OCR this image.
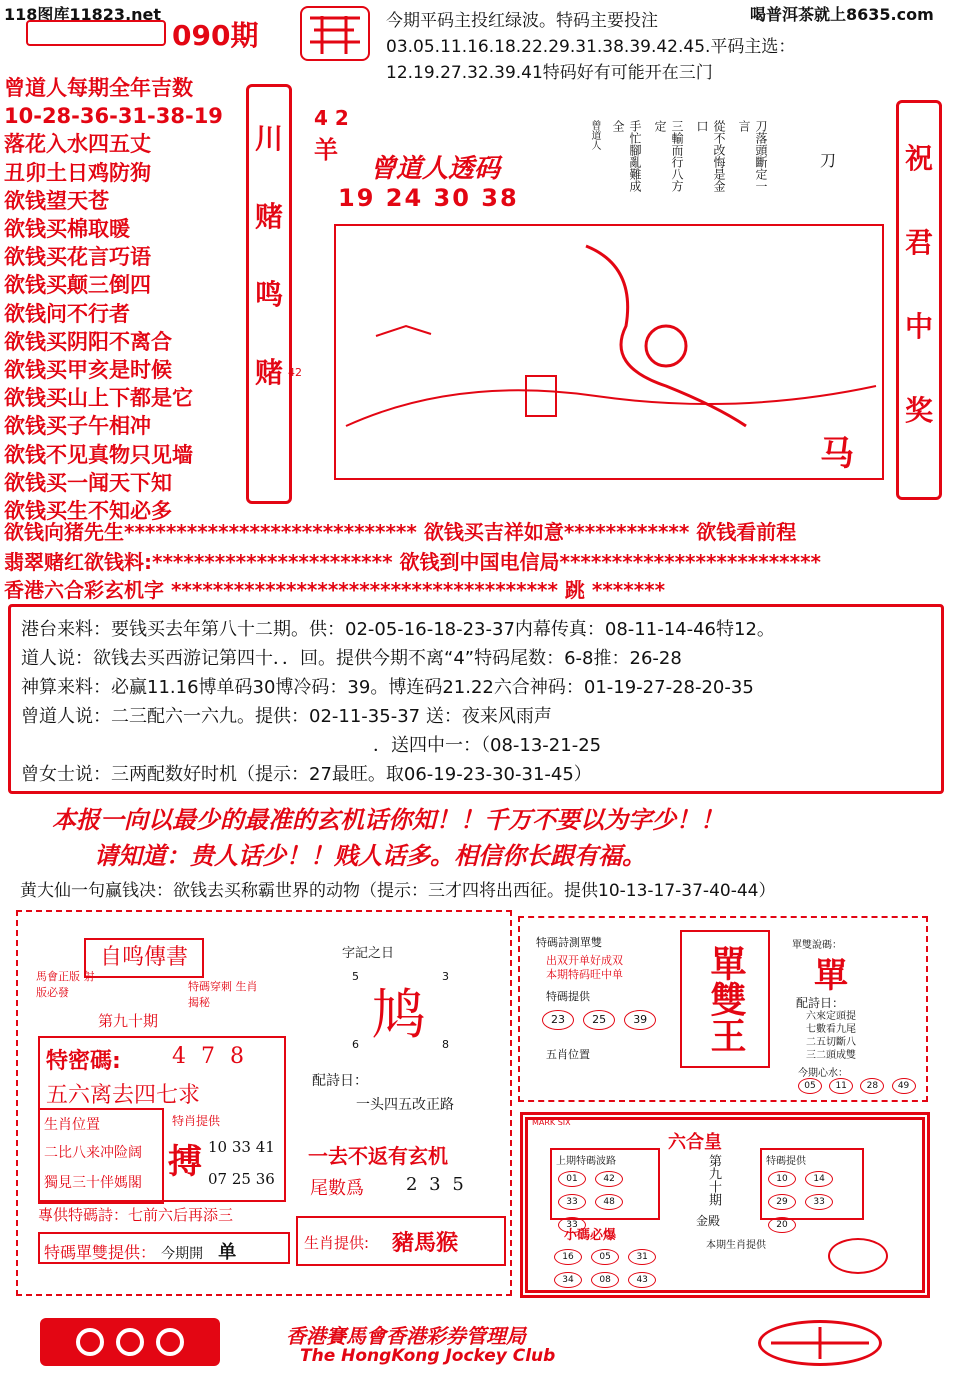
118图库11823.net	喝普洱茶就上8635.com
090期	今期平码主投红绿波。特码主要投注03.05.11.16.18.22.29.31.38.39.42.45.平码主选：12.19.27.32.39.41特码好有可能开在三门
曾道人每期全年吉数
10-28-36-31-38-19
落花入水四五丈
丑卯土日鸡防狗
欲钱望天苍
欲钱买棉取暖
欲钱买花言巧语
欲钱买颠三倒四
欲钱问不行者
欲钱买阴阳不离合
欲钱买甲亥是时候
欲钱买山上下都是它
欲钱买子午相冲
欲钱不见真物只见墙
欲钱买一闻天下知
欲钱买生不知必多
川
赌
鸣
赌
4 2
羊
曾道人透码
19 24 30 38
刀落頭斷定一言
從不改悔是金口
三輸而行八方定
手忙腳亂難成全
曾道人
刀
马
42
祝
君
中
奖
欲钱向猪先生**************************** 欲钱买吉祥如意************ 欲钱看前程
翡翠赌红欲钱料:*********************** 欲钱到中国电信局*************************
香港六合彩玄机字 ************************************* 跳 *******
港台来料：要钱买去年第八十二期。供：02-05-16-18-23-37内幕传真：08-11-14-46特12。
道人说：欲钱去买西游记第四十．．回。提供今期不离“4”特码尾数：6-8推：26-28
神算来料：必赢11.16博单码30博冷码：39。博连码21.22六合神码：01-19-27-28-20-35
曾道人说：二三配六一六九。提供：02-11-35-37 送：夜来风雨声
．送四中一：（08-13-21-25
曾女士说：三两配数好时机（提示：27最旺。取06-19-23-30-31-45）
本报一向以最少的最准的玄机话你知！！千万不要以为字少！！
请知道：贵人话少！！贱人话多。相信你长跟有福。
黄大仙一句赢钱决：欲钱去买称霸世界的动物（提示：三才四将出西征。提供10-13-17-37-40-44）
自鸣傳書
馬會正版 射版必發	特碼穿刺 生肖揭秘
第九十期
特密碼: 4 7 8
五六离去四七求
生肖位置
二比八来冲险阔
獨見三十伴媽閣
特肖提供
搏 10 33 41
07 25 36
專供特碼詩：七前六后再添三
特碼單雙提供： 今期開 单
字記之日
5	3
鸠
6	8
配詩日：
一头四五改正路
一去不返有玄机
尾數爲 2 3 5
生肖提供: 豬馬猴
特碼詩測單雙
出双开单好成双
本期特码旺中单
特碼提供
23 25 39
五肖位置
單雙王	單雙說碼：
單
配詩日：
六來定頭提
七數看九尾
二五切斷八
三二頭成雙
今期心水：
05 11 28 49
MARK SIX
六合皇
上期特碼波路
01	42 33	48 33
第九十期
金殿
特碼提供
10	14 29	33 20
小碼必爆
16	05	31 34	08	43
本期生肖提供
香港賽馬會香港彩券管理局
The HongKong Jockey Club
